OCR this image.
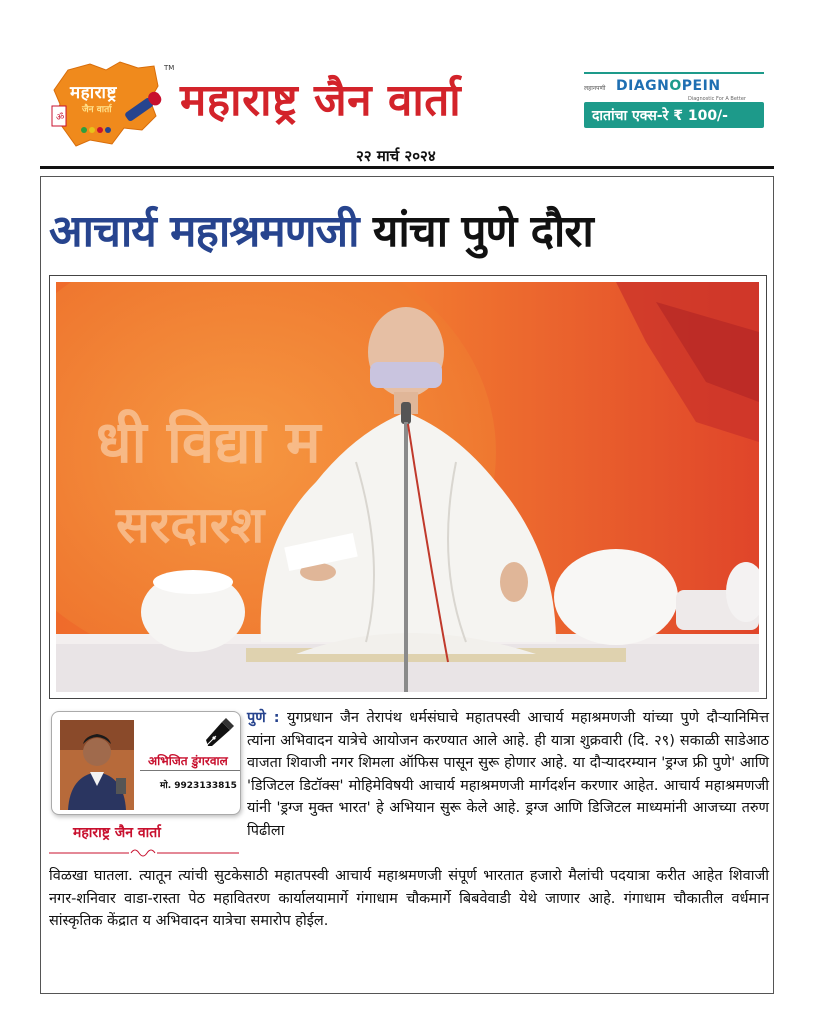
ॐ
महाराष्ट्र
जैन वार्ता
TM
महाराष्ट्र जैन वार्ता
२२ मार्च २०२४
लहानपणी DIAGNOPEIN
Diagnostic For A Better
दातांचा एक्स-रे ₹ 100/-
आचार्य महाश्रमणजी यांचा पुणे दौरा
धी विद्या म
सरदारश
अभिजित डुंगरवाल
मो. 9923133815
महाराष्ट्र जैन वार्ता

पुणे : युगप्रधान जैन तेरापंथ धर्मसंघाचे महातपस्वी आचार्य महाश्रमणजी यांच्या पुणे दौऱ्यानिमित्त त्यांना अभिवादन यात्रेचे आयोजन करण्यात आले आहे. ही यात्रा शुक्रवारी (दि. २९) सकाळी साडेआठ वाजता शिवाजी नगर शिमला ऑफिस पासून सुरू होणार आहे. या दौऱ्यादरम्यान 'ड्रग्ज फ्री पुणे' आणि 'डिजिटल डिटॉक्स' मोहिमेविषयी आचार्य महाश्रमणजी मार्गदर्शन करणार आहेत. आचार्य महाश्रमणजी यांनी 'ड्रग्ज मुक्त भारत' हे अभियान सुरू केले आहे. ड्रग्ज आणि डिजिटल माध्यमांनी आजच्या तरुण पिढीला

विळखा घातला. त्यातून त्यांची सुटकेसाठी महातपस्वी आचार्य महाश्रमणजी संपूर्ण भारतात हजारो मैलांची पदयात्रा करीत आहेत शिवाजी नगर-शनिवार वाडा-रास्ता पेठ महावितरण कार्यालयामार्गे गंगाधाम चौकमार्गे बिबवेवाडी येथे जाणार आहे. गंगाधाम चौकातील वर्धमान सांस्कृतिक केंद्रात य अभिवादन यात्रेचा समारोप होईल.
